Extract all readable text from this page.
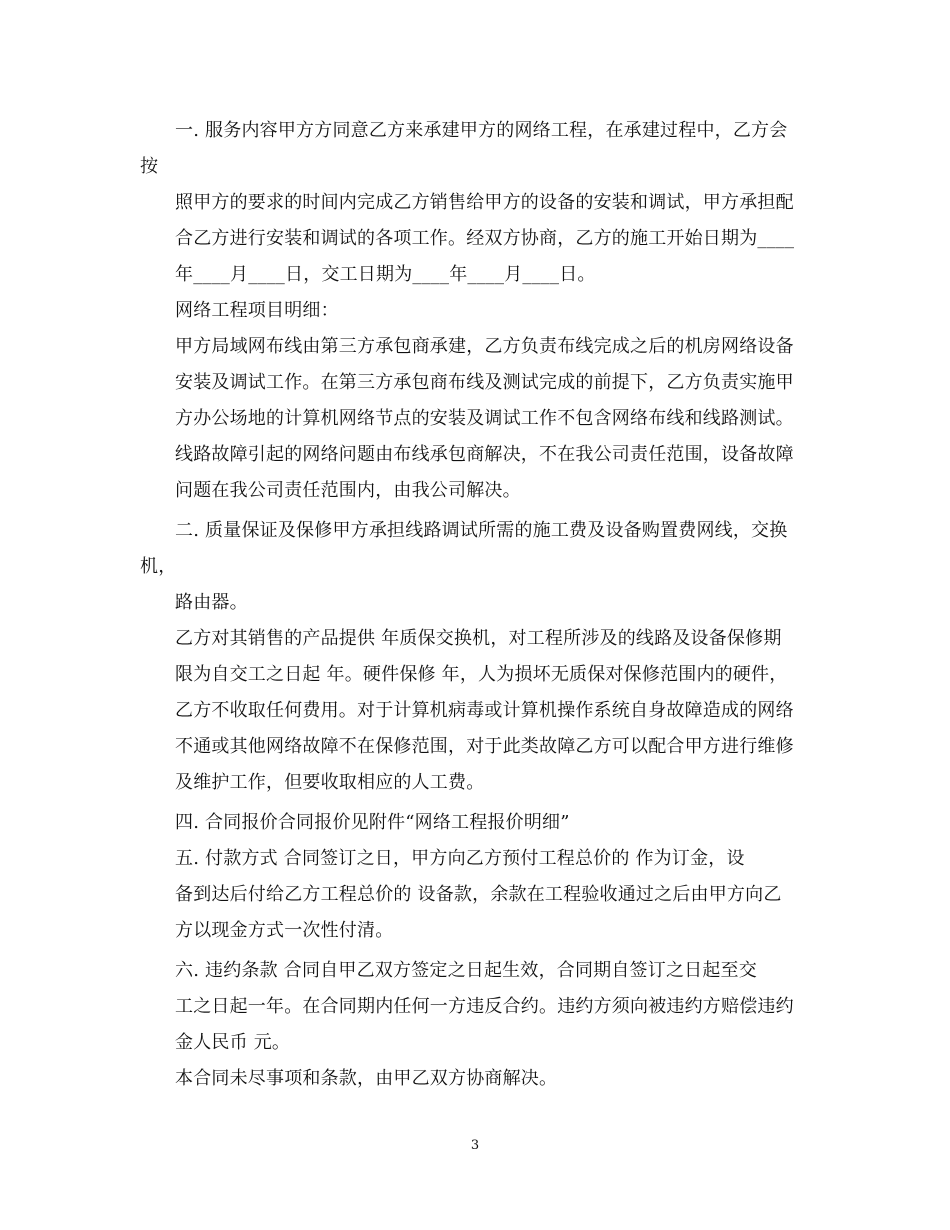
一. 服务内容甲方方同意乙方来承建甲方的网络工程，在承建过程中，乙方会
按
照甲方的要求的时间内完成乙方销售给甲方的设备的安装和调试，甲方承担配
合乙方进行安装和调试的各项工作。经双方协商，乙方的施工开始日期为____
年____月____日，交工日期为____年____月____日。
网络工程项目明细：
甲方局域网布线由第三方承包商承建，乙方负责布线完成之后的机房网络设备
安装及调试工作。在第三方承包商布线及测试完成的前提下，乙方负责实施甲
方办公场地的计算机网络节点的安装及调试工作不包含网络布线和线路测试。
线路故障引起的网络问题由布线承包商解决，不在我公司责任范围，设备故障
问题在我公司责任范围内，由我公司解决。
二. 质量保证及保修甲方承担线路调试所需的施工费及设备购置费网线，交换
机，
路由器。
乙方对其销售的产品提供 年质保交换机，对工程所涉及的线路及设备保修期
限为自交工之日起 年。硬件保修 年，人为损坏无质保对保修范围内的硬件，
乙方不收取任何费用。对于计算机病毒或计算机操作系统自身故障造成的网络
不通或其他网络故障不在保修范围，对于此类故障乙方可以配合甲方进行维修
及维护工作，但要收取相应的人工费。
四. 合同报价合同报价见附件“网络工程报价明细”
五. 付款方式 合同签订之日，甲方向乙方预付工程总价的 作为订金，设
备到达后付给乙方工程总价的 设备款，余款在工程验收通过之后由甲方向乙
方以现金方式一次性付清。
六. 违约条款 合同自甲乙双方签定之日起生效，合同期自签订之日起至交
工之日起一年。在合同期内任何一方违反合约。违约方须向被违约方赔偿违约
金人民币 元。
本合同未尽事项和条款，由甲乙双方协商解决。
3
